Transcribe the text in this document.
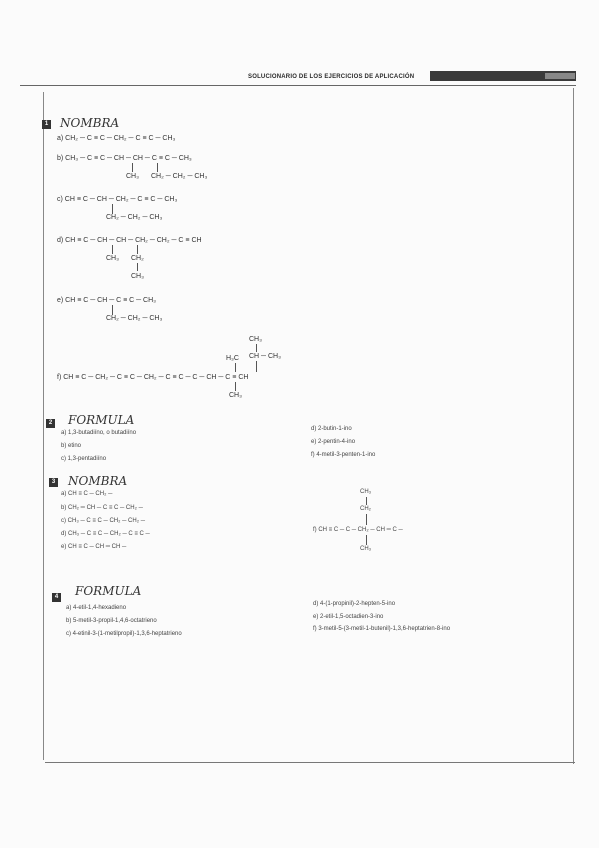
SOLUCIONARIO DE LOS EJERCICIOS DE APLICACIÓN
1 NOMBRA
a) CH₂ ─ C ≡ C ─ CH₂ ─ C ≡ C ─ CH₃
b) CH₃ ─ C ≡ C ─ CH ─ CH ─ C ≡ C ─ CH₃
CH₃ CH₂ ─ CH₂ ─ CH₃
c) CH ≡ C ─ CH ─ CH₂ ─ C ≡ C ─ CH₃
CH₂ ─ CH₂ ─ CH₃
d) CH ≡ C ─ CH ─ CH ─ CH₂ ─ CH₂ ─ C ≡ CH
CH₃ CH₂
CH₃
e) CH ≡ C ─ CH ─ C ≡ C ─ CH₃
CH₂ ─ CH₂ ─ CH₃
CH₃
CH ─ CH₃
H₃C
f) CH ≡ C ─ CH₂ ─ C ≡ C ─ CH₂ ─ C ≡ C ─ C ─ CH ─ C ≡ CH
CH₃
2 FORMULA
a) 1,3-butadiíno, o butadiíno
b) etino
c) 1,3-pentadiíno
d) 2-butin-1-ino
e) 2-pentin-4-ino
f) 4-metil-3-penten-1-ino
3 NOMBRA
a) CH ≡ C ─ CH₂ ─
b) CH₂ ═ CH ─ C ≡ C ─ CH₂ ─
c) CH₃ ─ C ≡ C ─ CH₂ ─ CH₂ ─
d) CH₃ ─ C ≡ C ─ CH₂ ─ C ≡ C ─
e) CH ≡ C ─ CH ═ CH ─
CH₃
CH₂
f) CH ≡ C ─ C ─ CH₂ ─ CH ═ C ─
CH₃
4 FORMULA
a) 4-etil-1,4-hexadieno
b) 5-metil-3-propil-1,4,6-octatrieno
c) 4-etinil-3-(1-metilpropil)-1,3,6-heptatrieno
d) 4-(1-propinil)-2-hepten-5-ino
e) 2-etil-1,5-octadien-3-ino
f) 3-metil-5-(3-metil-1-butenil)-1,3,6-heptatrien-8-ino
